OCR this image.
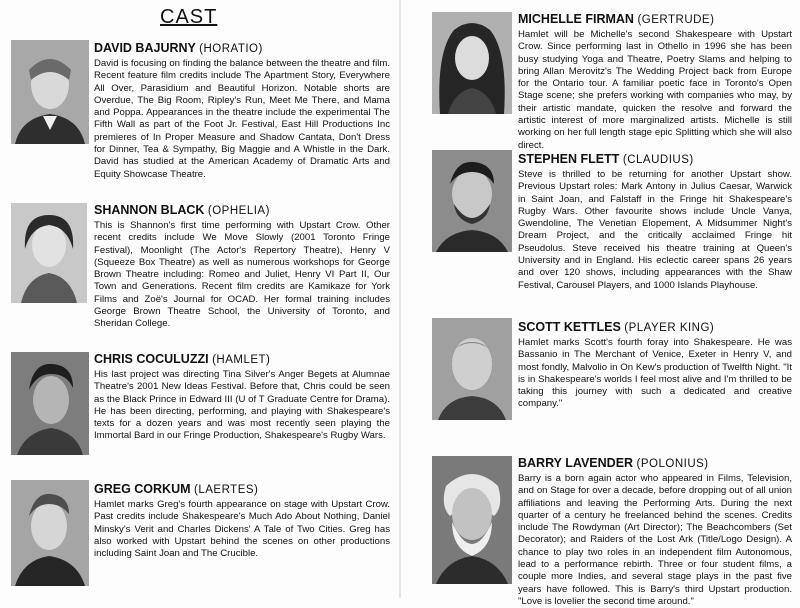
CAST
DAVID BAJURNY (HORATIO)
David is focusing on finding the balance between the theatre and film. Recent feature film credits include The Apartment Story, Everywhere All Over, Parasidium and Beautiful Horizon. Notable shorts are Overdue, The Big Room, Ripley's Run, Meet Me There, and Mama and Poppa. Appearances in the theatre include the experimental The Fifth Wall as part of the Foot Jr. Festival, East Hill Productions Inc premieres of In Proper Measure and Shadow Cantata, Don't Dress for Dinner, Tea & Sympathy, Big Maggie and A Whistle in the Dark. David has studied at the American Academy of Dramatic Arts and Equity Showcase Theatre.
SHANNON BLACK (OPHELIA)
This is Shannon's first time performing with Upstart Crow. Other recent credits include We Move Slowly (2001 Toronto Fringe Festival), Moonlight (The Actor's Repertory Theatre), Henry V (Squeeze Box Theatre) as well as numerous workshops for George Brown Theatre including: Romeo and Juliet, Henry VI Part II, Our Town and Generations. Recent film credits are Kamikaze for York Films and Zoë's Journal for OCAD. Her formal training includes George Brown Theatre School, the University of Toronto, and Sheridan College.
CHRIS COCULUZZI (HAMLET)
His last project was directing Tina Silver's Anger Begets at Alumnae Theatre's 2001 New Ideas Festival. Before that, Chris could be seen as the Black Prince in Edward III (U of T Graduate Centre for Drama). He has been directing, performing, and playing with Shakespeare's texts for a dozen years and was most recently seen playing the Immortal Bard in our Fringe Production, Shakespeare's Rugby Wars.
GREG CORKUM (LAERTES)
Hamlet marks Greg's fourth appearance on stage with Upstart Crow. Past credits include Shakespeare's Much Ado About Nothing, Daniel Minsky's Verit and Charles Dickens' A Tale of Two Cities. Greg has also worked with Upstart behind the scenes on other productions including Saint Joan and The Crucible.
MICHELLE FIRMAN (GERTRUDE)
Hamlet will be Michelle's second Shakespeare with Upstart Crow. Since performing last in Othello in 1996 she has been busy studying Yoga and Theatre, Poetry Slams and helping to bring Allan Merovitz's The Wedding Project back from Europe for the Ontario tour. A familiar poetic face in Toronto's Open Stage scene; she prefers working with companies who may, by their artistic mandate, quicken the resolve and forward the artistic interest of more marginalized artists. Michelle is still working on her full length stage epic Splitting which she will also direct.
STEPHEN FLETT (CLAUDIUS)
Steve is thrilled to be returning for another Upstart show. Previous Upstart roles: Mark Antony in Julius Caesar, Warwick in Saint Joan, and Falstaff in the Fringe hit Shakespeare's Rugby Wars. Other favourite shows include Uncle Vanya, Gwendoline, The Venetian Elopement, A Midsummer Night's Dream Project, and the critically acclaimed Fringe hit Pseudolus. Steve received his theatre training at Queen's University and in England. His eclectic career spans 26 years and over 120 shows, including appearances with the Shaw Festival, Carousel Players, and 1000 Islands Playhouse.
SCOTT KETTLES (PLAYER KING)
Hamlet marks Scott's fourth foray into Shakespeare. He was Bassanio in The Merchant of Venice, Exeter in Henry V, and most fondly, Malvolio in On Kew's production of Twelfth Night. "It is in Shakespeare's worlds I feel most alive and I'm thrilled to be taking this journey with such a dedicated and creative company."
BARRY LAVENDER (POLONIUS)
Barry is a born again actor who appeared in Films, Television, and on Stage for over a decade, before dropping out of all union affiliations and leaving the Performing Arts. During the next quarter of a century he freelanced behind the scenes. Credits include The Rowdyman (Art Director); The Beachcombers (Set Decorator); and Raiders of the Lost Ark (Title/Logo Design). A chance to play two roles in an independent film Autonomous, lead to a performance rebirth. Three or four student films, a couple more Indies, and several stage plays in the past five years have followed. This is Barry's third Upstart production. "Love is lovelier the second time around."
